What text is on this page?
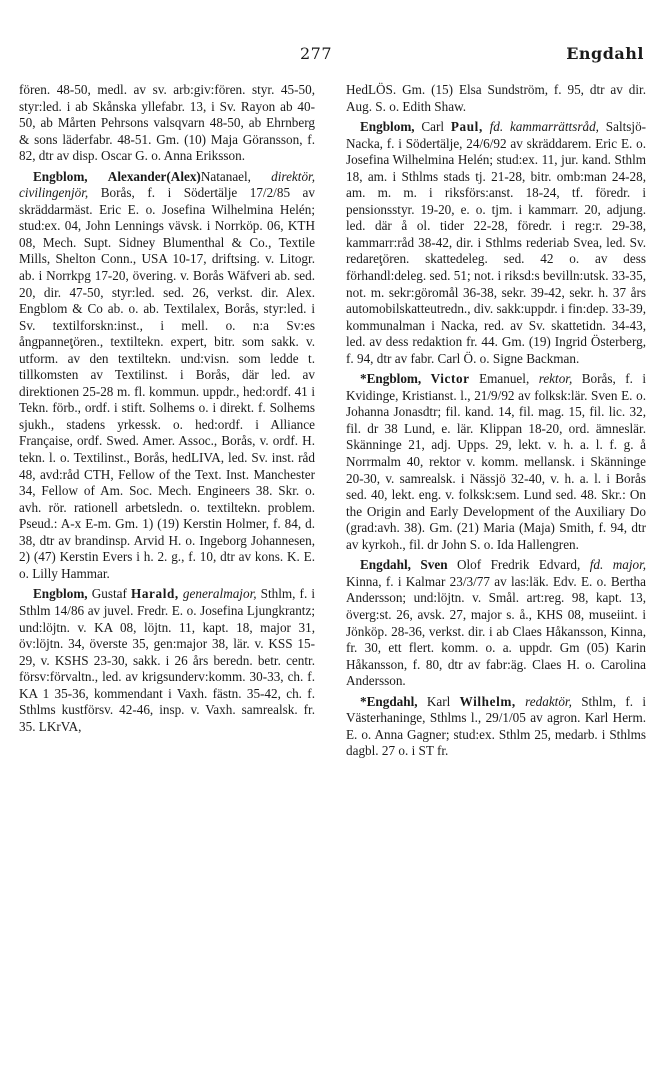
277	Engdahl

fören. 48-50, medl. av sv. arb:giv:fören. styr. 45-50, styr:led. i ab Skånska yllefabr. 13, i Sv. Rayon ab 40-50, ab Mårten Pehrsons valsqvarn 48-50, ab Ehrnberg & sons läderfabr. 48-51. Gm. (10) Maja Göransson, f. 82, dtr av disp. Oscar G. o. Anna Eriksson.

Engblom, Alexander(Alex)Natanael, direktör, civilingenjör, Borås, f. i Södertälje 17/2/85 av skräddarmäst. Eric E. o. Josefina Wilhelmina Helén; stud:ex. 04, John Lennings vävsk. i Norrköp. 06, KTH 08, Mech. Supt. Sidney Blumenthal & Co., Textile Mills, Shelton Conn., USA 10-17, driftsing. v. Litogr. ab. i Norrkpg 17-20, övering. v. Borås Wäfveri ab. sed. 20, dir. 47-50, styr:led. sed. 26, verkst. dir. Alex. Engblom & Co ab. o. ab. Textilalex, Borås, styr:led. i Sv. textilforskn:inst., i mell. o. n:a Sv:es ångpanneţören., textiltekn. expert, bitr. som sakk. v. utform. av den textiltekn. und:visn. som ledde t. tillkomsten av Textilinst. i Borås, där led. av direktionen 25-28 m. fl. kommun. uppdr., hed:ordf. 41 i Tekn. förb., ordf. i stift. Solhems o. i direkt. f. Solhems sjukh., stadens yrkessk. o. hed:ordf. i Alliance Française, ordf. Swed. Amer. Assoc., Borås, v. ordf. H. tekn. l. o. Textilinst., Borås, hedLIVA, led. Sv. inst. råd 48, avd:råd CTH, Fellow of the Text. Inst. Manchester 34, Fellow of Am. Soc. Mech. Engineers 38. Skr. o. avh. rör. rationell arbetsledn. o. textiltekn. problem. Pseud.: A-x E-m. Gm. 1) (19) Kerstin Holmer, f. 84, d. 38, dtr av brandinsp. Arvid H. o. Ingeborg Johannesen, 2) (47) Kerstin Evers i h. 2. g., f. 10, dtr av kons. K. E. o. Lilly Hammar.

Engblom, Gustaf Harald, generalmajor, Sthlm, f. i Sthlm 14/86 av juvel. Fredr. E. o. Josefina Ljungkrantz; und:löjtn. v. KA 08, löjtn. 11, kapt. 18, major 31, öv:löjtn. 34, överste 35, gen:major 38, lär. v. KSS 15-29, v. KSHS 23-30, sakk. i 26 års beredn. betr. centr. försv:förvaltn., led. av krigsunderv:komm. 30-33, ch. f. KA 1 35-36, kommendant i Vaxh. fästn. 35-42, ch. f. Sthlms kustförsv. 42-46, insp. v. Vaxh. samrealsk. fr. 35. LKrVA,

HedLÖS. Gm. (15) Elsa Sundström, f. 95, dtr av dir. Aug. S. o. Edith Shaw.

Engblom, Carl Paul, fd. kammarrättsråd, Saltsjö-Nacka, f. i Södertälje, 24/6/92 av skräddarem. Eric E. o. Josefina Wilhelmina Helén; stud:ex. 11, jur. kand. Sthlm 18, am. i Sthlms stads tj. 21-28, bitr. omb:man 24-28, am. m. m. i riksförs:anst. 18-24, tf. föredr. i pensionsstyr. 19-20, e. o. tjm. i kammarr. 20, adjung. led. där å ol. tider 22-28, föredr. i reg:r. 29-38, kammarr:råd 38-42, dir. i Sthlms rederiab Svea, led. Sv. redareţören. skattedeleg. sed. 42 o. av dess förhandl:deleg. sed. 51; not. i riksd:s bevilln:utsk. 33-35, not. m. sekr:göromål 36-38, sekr. 39-42, sekr. h. 37 års automobilskatteutredn., div. sakk:uppdr. i fin:dep. 33-39, kommunalman i Nacka, red. av Sv. skattetidn. 34-43, led. av dess redaktion fr. 44. Gm. (19) Ingrid Österberg, f. 94, dtr av fabr. Carl Ö. o. Signe Backman.

*Engblom, Victor Emanuel, rektor, Borås, f. i Kvidinge, Kristianst. l., 21/9/92 av folksk:lär. Sven E. o. Johanna Jonasdtr; fil. kand. 14, fil. mag. 15, fil. lic. 32, fil. dr 38 Lund, e. lär. Klippan 18-20, ord. ämneslär. Skänninge 21, adj. Upps. 29, lekt. v. h. a. l. f. g. å Norrmalm 40, rektor v. komm. mellansk. i Skänninge 20-30, v. samrealsk. i Nässjö 32-40, v. h. a. l. i Borås sed. 40, lekt. eng. v. folksk:sem. Lund sed. 48. Skr.: On the Origin and Early Development of the Auxiliary Do (grad:avh. 38). Gm. (21) Maria (Maja) Smith, f. 94, dtr av kyrkoh., fil. dr John S. o. Ida Hallengren.

Engdahl, Sven Olof Fredrik Edvard, fd. major, Kinna, f. i Kalmar 23/3/77 av las:läk. Edv. E. o. Bertha Andersson; und:löjtn. v. Smål. art:reg. 98, kapt. 13, överg:st. 26, avsk. 27, major s. å., KHS 08, museiint. i Jönköp. 28-36, verkst. dir. i ab Claes Håkansson, Kinna, fr. 30, ett flert. komm. o. a. uppdr. Gm (05) Karin Håkansson, f. 80, dtr av fabr:äg. Claes H. o. Carolina Andersson.

*Engdahl, Karl Wilhelm, redaktör, Sthlm, f. i Västerhaninge, Sthlms l., 29/1/05 av agron. Karl Herm. E. o. Anna Gagner; stud:ex. Sthlm 25, medarb. i Sthlms dagbl. 27 o. i ST fr.
